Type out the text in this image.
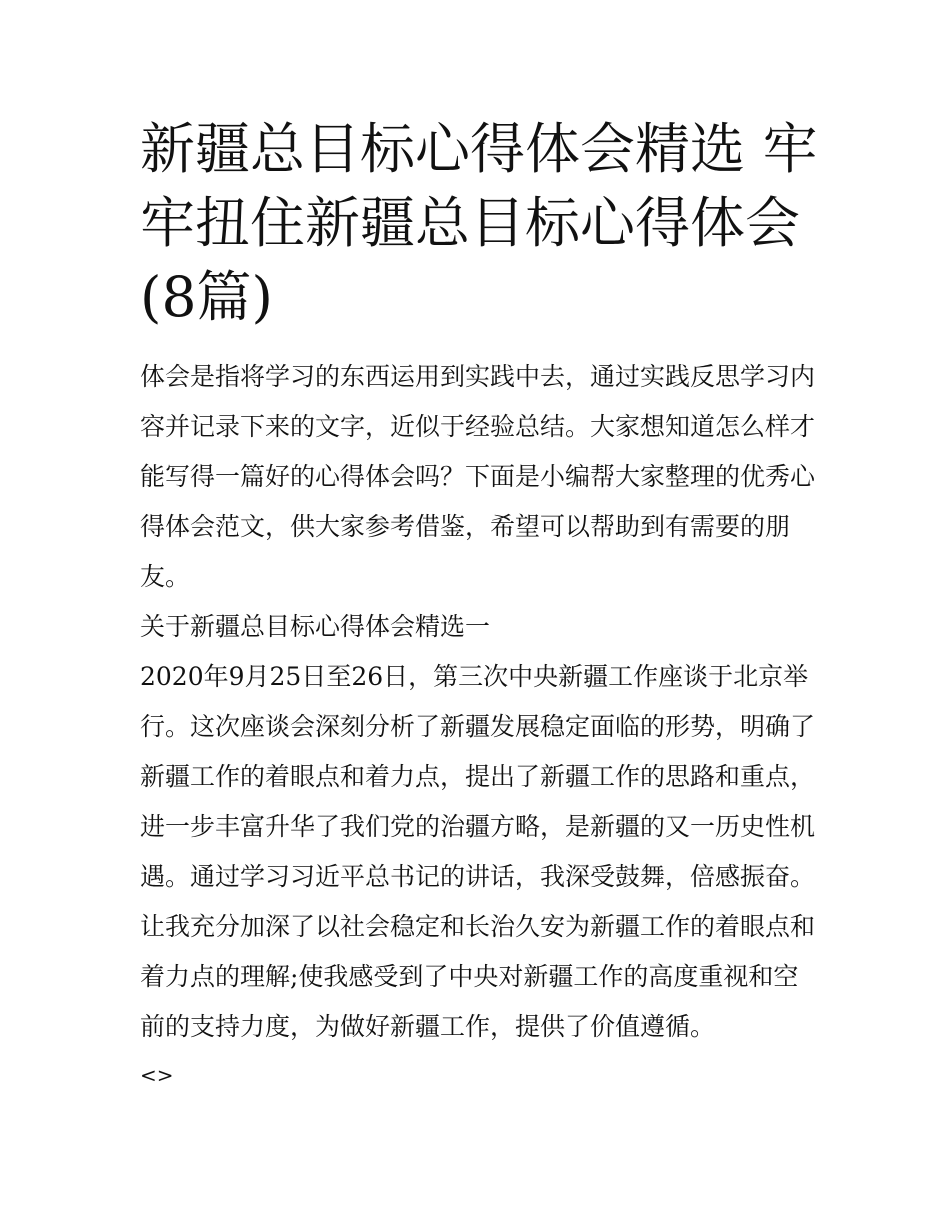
新疆总目标心得体会精选 牢牢扭住新疆总目标心得体会(8篇)

体会是指将学习的东西运用到实践中去，通过实践反思学习内容并记录下来的文字，近似于经验总结。大家想知道怎么样才能写得一篇好的心得体会吗？下面是小编帮大家整理的优秀心得体会范文，供大家参考借鉴，希望可以帮助到有需要的朋友。

关于新疆总目标心得体会精选一

2020年9月25日至26日，第三次中央新疆工作座谈于北京举行。这次座谈会深刻分析了新疆发展稳定面临的形势，明确了新疆工作的着眼点和着力点，提出了新疆工作的思路和重点，进一步丰富升华了我们党的治疆方略，是新疆的又一历史性机遇。通过学习习近平总书记的讲话，我深受鼓舞，倍感振奋。让我充分加深了以社会稳定和长治久安为新疆工作的着眼点和着力点的理解;使我感受到了中央对新疆工作的高度重视和空前的支持力度，为做好新疆工作，提供了价值遵循。

<>
